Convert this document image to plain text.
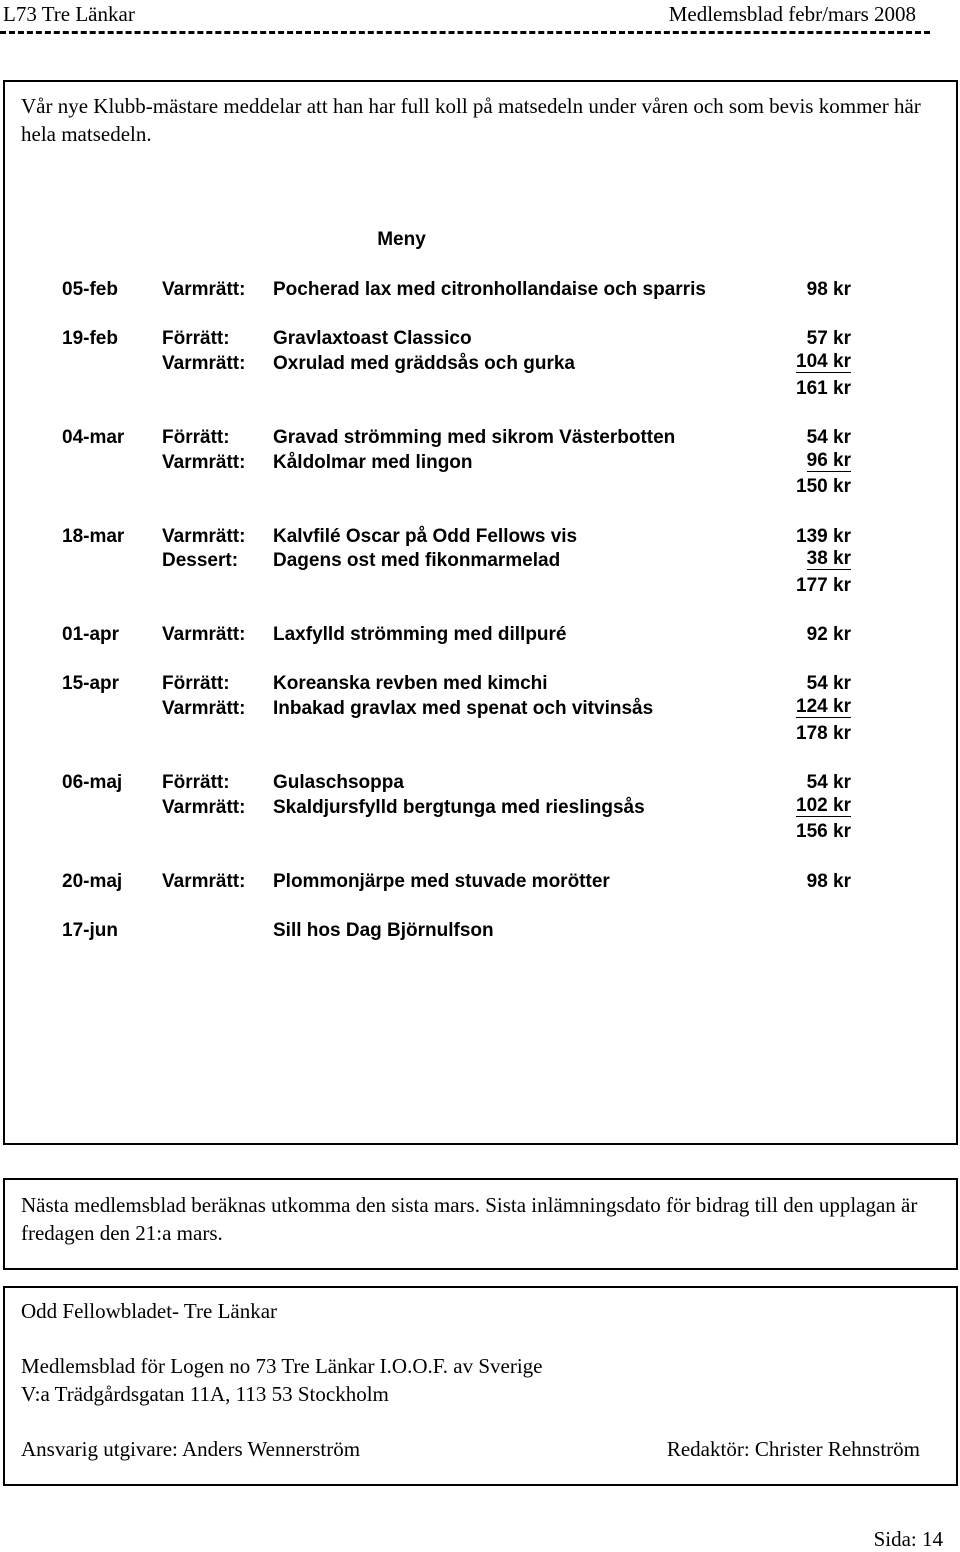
L73 Tre Länkar	Medlemsblad febr/mars 2008
Vår nye Klubb-mästare meddelar att han har full koll på matsedeln under våren och som bevis kommer här hela matsedeln.
Meny
05-feb Varmrätt: Pocherad lax med citronhollandaise och sparris	98 kr
19-feb Förrätt: Gravlaxtoast Classico	57 kr
Varmrätt: Oxrulad med gräddsås och gurka	104 kr
161 kr
04-mar Förrätt: Gravad strömming med sikrom Västerbotten	54 kr
Varmrätt: Kåldolmar med lingon	96 kr
150 kr
18-mar Varmrätt: Kalvfilé Oscar på Odd Fellows vis	139 kr
Dessert: Dagens ost med fikonmarmelad	38 kr
177 kr
01-apr Varmrätt: Laxfylld strömming med dillpuré	92 kr
15-apr Förrätt: Koreanska revben med kimchi	54 kr
Varmrätt: Inbakad gravlax med spenat och vitvinsås	124 kr
178 kr
06-maj Förrätt: Gulaschsoppa	54 kr
Varmrätt: Skaldjursfylld bergtunga med rieslingsås	102 kr
156 kr
20-maj Varmrätt: Plommonjärpe med stuvade morötter	98 kr
17-jun	Sill hos Dag Björnulfson
Nästa medlemsblad beräknas utkomma den sista mars. Sista inlämningsdato för bidrag till den upplagan är fredagen den 21:a mars.
Odd Fellowbladet- Tre Länkar
Medlemsblad för Logen no 73 Tre Länkar I.O.O.F. av Sverige
V:a Trädgårdsgatan 11A, 113 53 Stockholm
Ansvarig utgivare: Anders Wennerström	Redaktör: Christer Rehnström
Sida: 14
